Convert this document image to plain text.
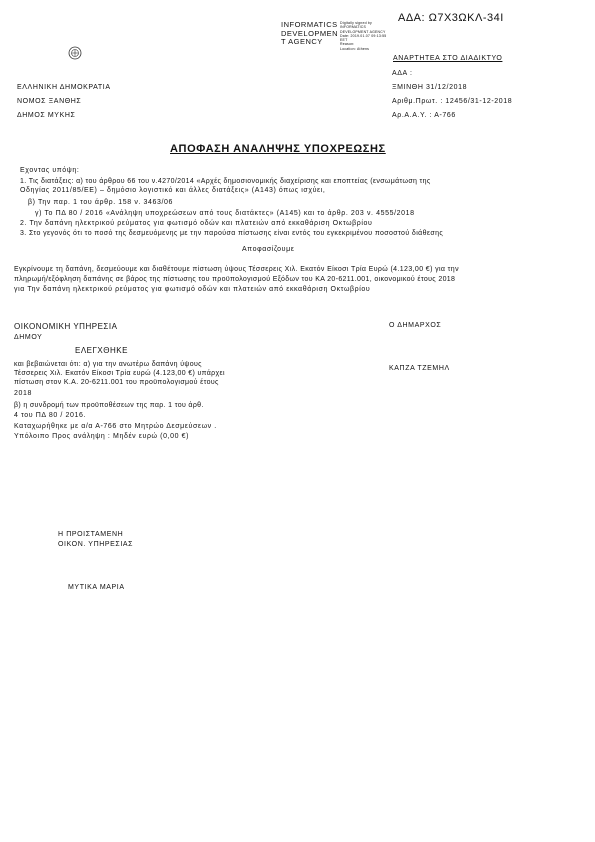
ΑΔΑ: Ω7Χ3ΩΚΛ-34Ι
INFORMATICS
DEVELOPMEN
T AGENCY
Digitally signed by
INFORMATICS
DEVELOPMENT AGENCY
Date: 2019.01.07 09:13:55
EET
Reason:
Location: Athens
ΑΝΑΡΤΗΤΕΑ ΣΤΟ ΔΙΑΔΙΚΤΥΟ
ΕΛΛΗΝΙΚΗ ΔΗΜΟΚΡΑΤΙΑ
ΝΟΜΟΣ ΞΑΝΘΗΣ
ΔΗΜΟΣ ΜΥΚΗΣ
ΑΔΑ :
ΞΜΙΝΘΗ 31/12/2018
Αριθμ.Πρωτ. : 12456/31-12-2018
Αρ.Α.Α.Υ. : Α-766
ΑΠΟΦΑΣΗ ΑΝΑΛΗΨΗΣ ΥΠΟΧΡΕΩΣΗΣ
Εχοντας υπόψη:
1. Τις διατάξεις: α) του άρθρου 66 του ν.4270/2014 «Αρχές δημοσιονομικής διαχείρισης και εποπτείας (ενσωμάτωση της
Οδηγίας 2011/85/ΕΕ) – δημόσιο λογιστικό και άλλες διατάξεις» (Α143) όπως ισχύει,
β) Την παρ. 1 του άρθρ. 158 ν. 3463/06
γ) Το ΠΔ 80 / 2016 «Ανάληψη υποχρεώσεων από τους διατάκτες» (Α145) και το άρθρ. 203 ν. 4555/2018
2. Την δαπάνη ηλεκτρικού ρεύματος για φωτισμό οδών και πλατειών από εκκαθάριση Οκτωβρίου
3. Στο γεγονός ότι το ποσό της δεσμευόμενης με την παρούσα πίστωσης είναι εντός του εγκεκριμένου ποσοστού διάθεσης
Αποφασίζουμε
Εγκρίνουμε τη δαπάνη, δεσμεύουμε και διαθέτουμε πίστωση ύψους Τέσσερεις Χιλ. Εκατόν Είκοσι Τρία Ευρώ (4.123,00 €) για την
πληρωμή/εξόφληση δαπάνης σε βάρος της πίστωσης του προϋπολογισμού Εξόδων του ΚΑ 20-6211.001, οικονομικού έτους 2018
για Την δαπάνη ηλεκτρικού ρεύματος για φωτισμό οδών και πλατειών από εκκαθάριση Οκτωβρίου
ΟΙΚΟΝΟΜΙΚΗ ΥΠΗΡΕΣΙΑ
ΔΗΜΟΥ
ΕΛΕΓΧΘΗΚΕ
και βεβαιώνεται ότι: α) για την ανωτέρω δαπάνη ύψους
Τέσσερεις Χιλ. Εκατόν Είκοσι Τρία ευρώ (4.123,00 €) υπάρχει
πίστωση στον Κ.Α. 20-6211.001 του προϋπολογισμού έτους
2018
β) η συνδρομή των προϋποθέσεων της παρ. 1 του άρθ.
4 του ΠΔ 80 / 2016.
Καταχωρήθηκε με α/α Α-766 στο Μητρώο Δεσμεύσεων .
Υπόλοιπο Προς ανάληψη : Μηδέν ευρώ (0,00 €)
Ο ΔΗΜΑΡΧΟΣ
ΚΑΠΖΑ ΤΖΕΜΗΛ
Η ΠΡΟΙΣΤΑΜΕΝΗ
ΟΙΚΟΝ. ΥΠΗΡΕΣΙΑΣ
ΜΥΤΙΚΑ ΜΑΡΙΑ
